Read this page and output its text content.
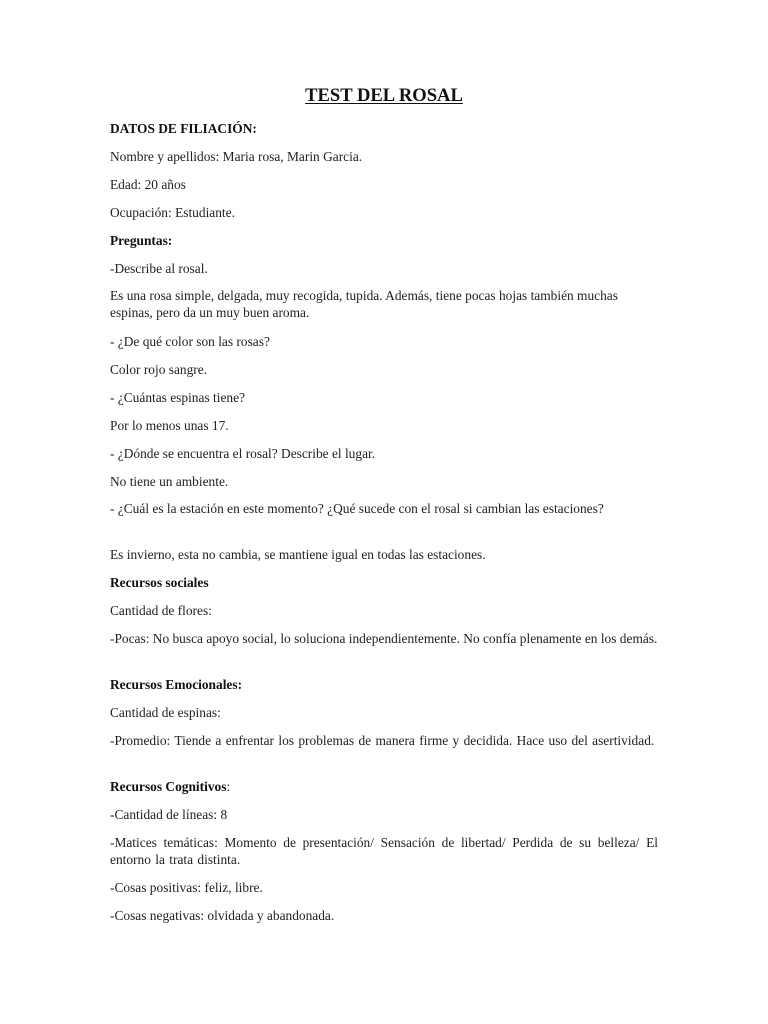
TEST DEL ROSAL

DATOS DE FILIACIÓN:

Nombre y apellidos: Maria rosa, Marin Garcia.

Edad: 20 años

Ocupación: Estudiante.

Preguntas:

-Describe al rosal.

Es una rosa simple, delgada, muy recogida, tupida. Además, tiene pocas hojas también muchas espinas, pero da un muy buen aroma.

- ¿De qué color son las rosas?

Color rojo sangre.

- ¿Cuántas espinas tiene?

Por lo menos unas 17.

- ¿Dónde se encuentra el rosal? Describe el lugar.

No tiene un ambiente.

- ¿Cuál es la estación en este momento? ¿Qué sucede con el rosal si cambian las estaciones?

Es invierno, esta no cambia, se mantiene igual en todas las estaciones.

Recursos sociales

Cantidad de flores:

-Pocas: No busca apoyo social, lo soluciona independientemente. No confía plenamente en los demás.

Recursos Emocionales:

Cantidad de espinas:

-Promedio: Tiende a enfrentar los problemas de manera firme y decidida. Hace uso del asertividad.

Recursos Cognitivos:

-Cantidad de líneas: 8

-Matices temáticas: Momento de presentación/ Sensación de libertad/ Perdida de su belleza/ El entorno la trata distinta.

-Cosas positivas: feliz, libre.

-Cosas negativas: olvidada y abandonada.
